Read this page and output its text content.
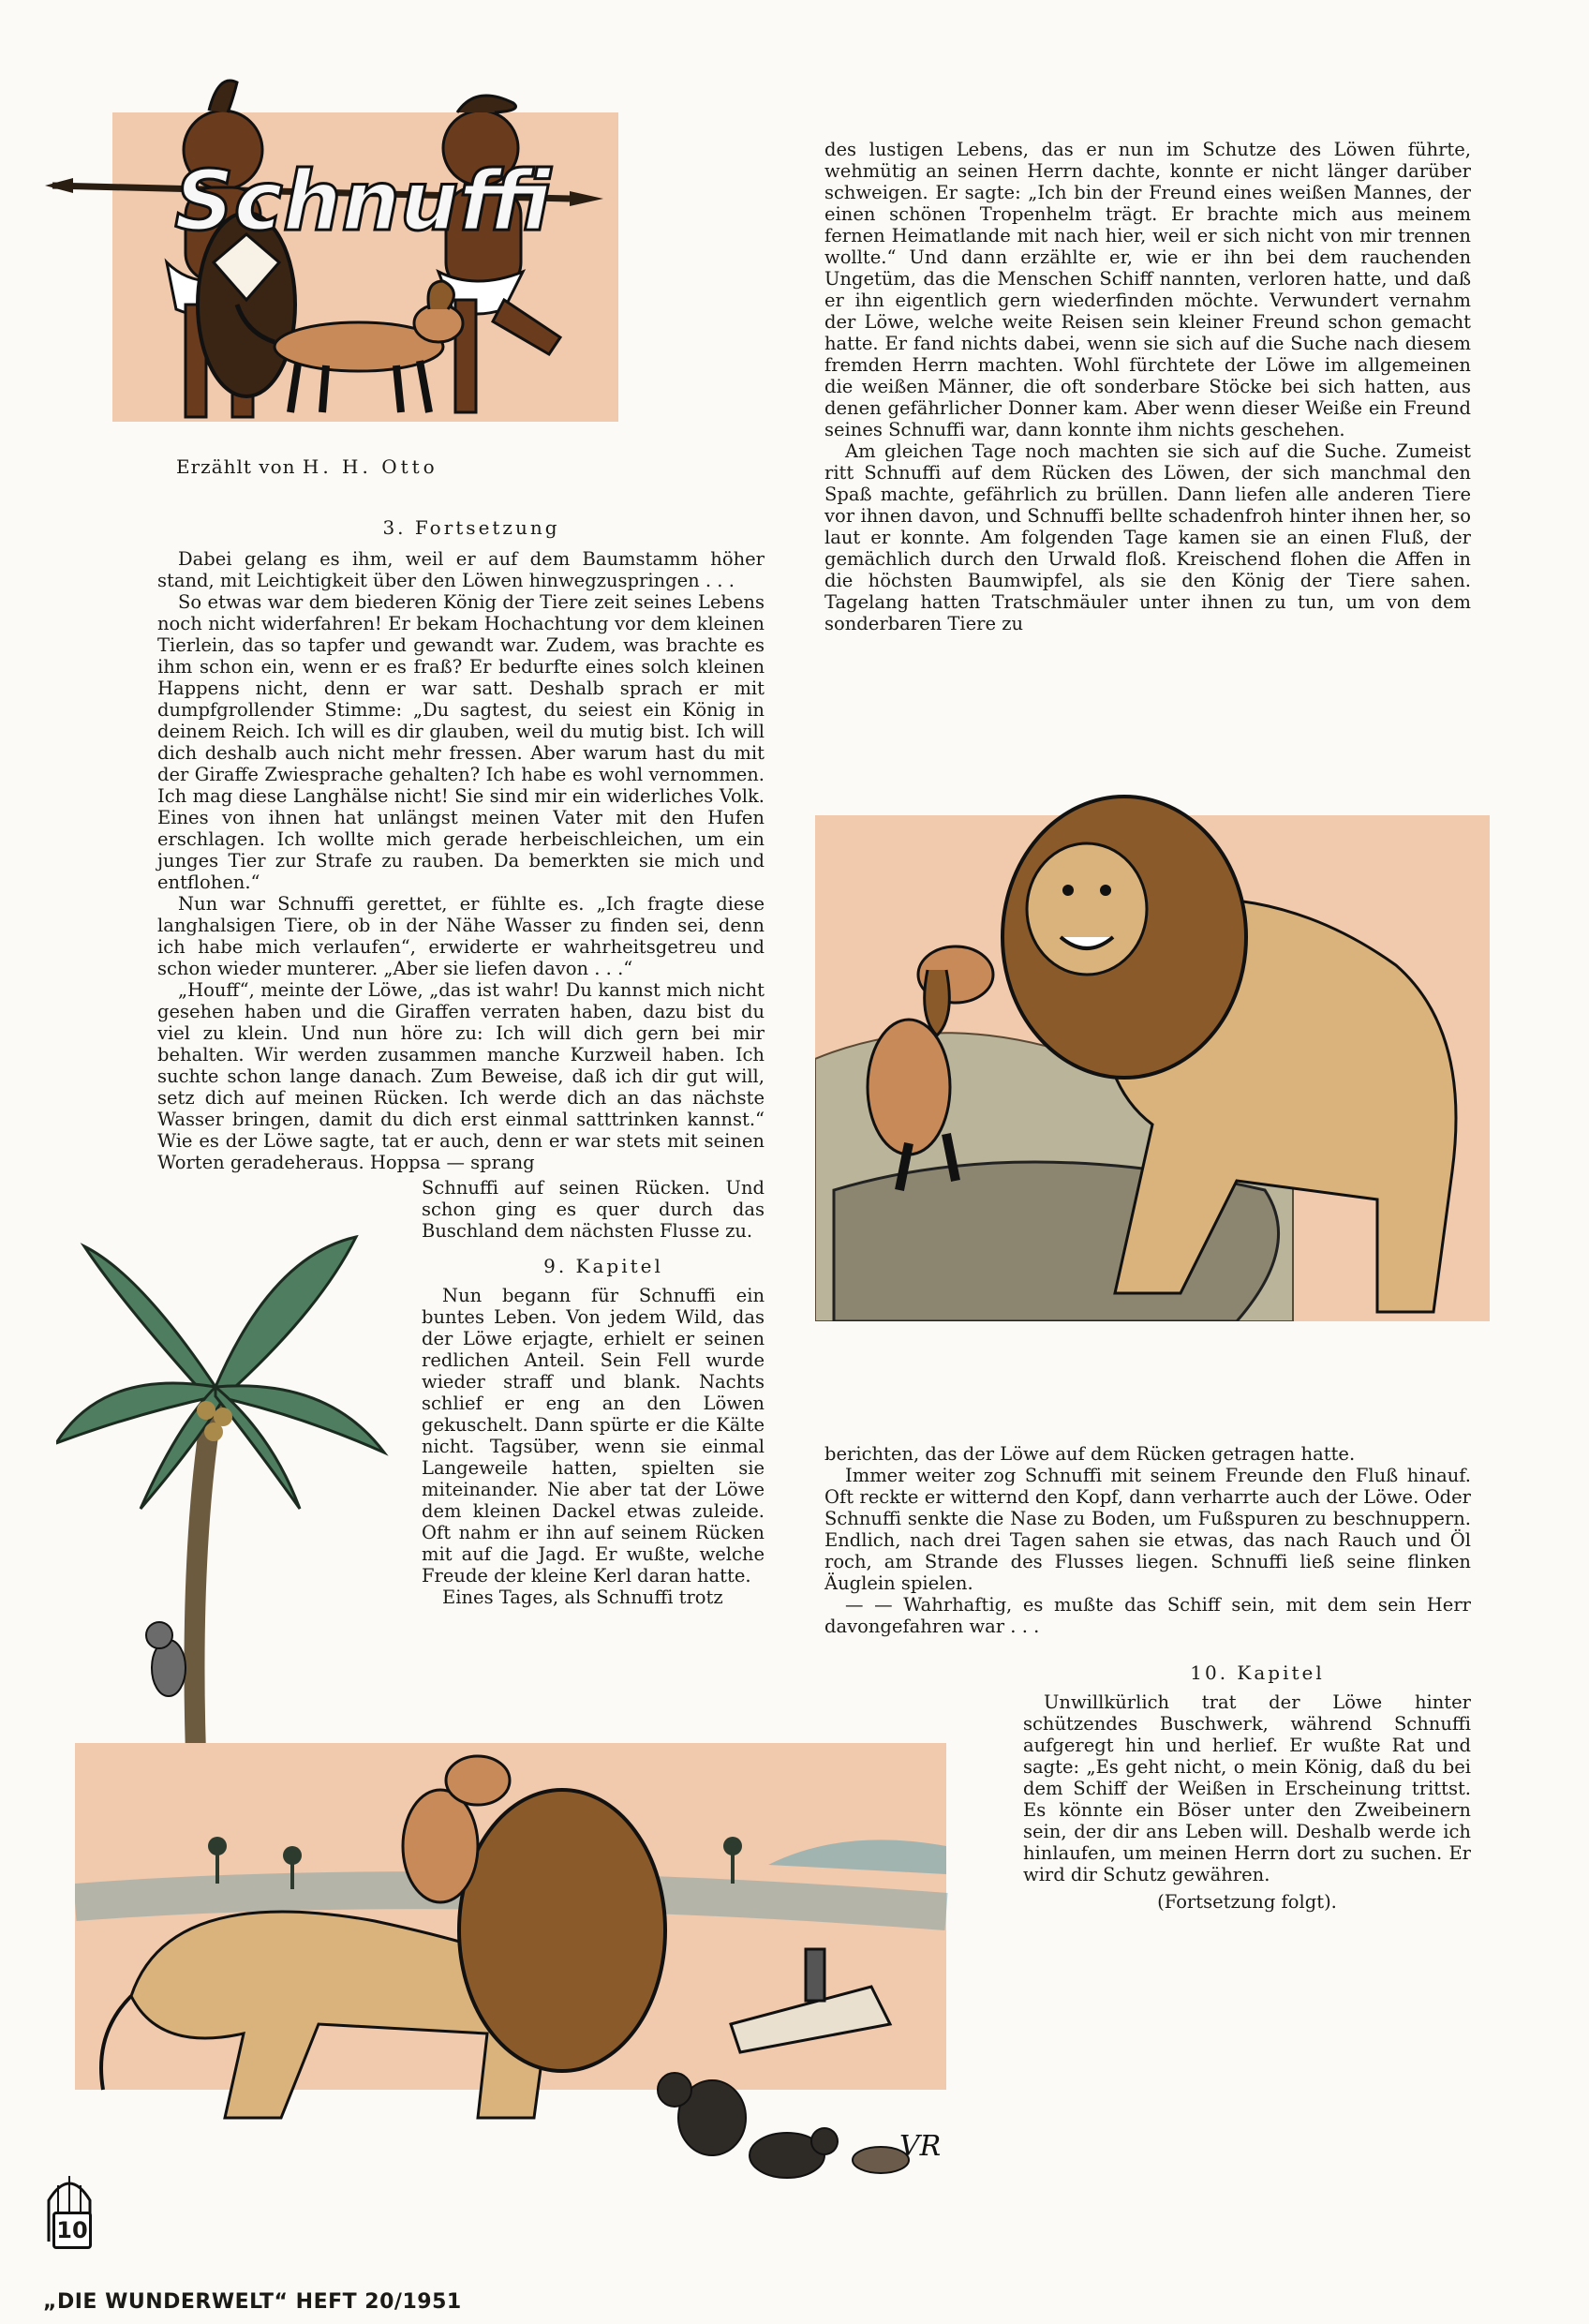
Schnuffi
Erzählt von H. H. Otto

3. Fortsetzung

Dabei gelang es ihm, weil er auf dem Baumstamm höher stand, mit Leichtigkeit über den Löwen hinwegzuspringen . . .

So etwas war dem biederen König der Tiere zeit seines Lebens noch nicht widerfahren! Er bekam Hochachtung vor dem kleinen Tierlein, das so tapfer und gewandt war. Zudem, was brachte es ihm schon ein, wenn er es fraß? Er bedurfte eines solch kleinen Happens nicht, denn er war satt. Deshalb sprach er mit dumpfgrollender Stimme: „Du sagtest, du seiest ein König in deinem Reich. Ich will es dir glauben, weil du mutig bist. Ich will dich deshalb auch nicht mehr fressen. Aber warum hast du mit der Giraffe Zwiesprache gehalten? Ich habe es wohl vernommen. Ich mag diese Langhälse nicht! Sie sind mir ein widerliches Volk. Eines von ihnen hat unlängst meinen Vater mit den Hufen erschlagen. Ich wollte mich gerade herbeischleichen, um ein junges Tier zur Strafe zu rauben. Da bemerkten sie mich und entflohen.“

Nun war Schnuffi gerettet, er fühlte es. „Ich fragte diese langhalsigen Tiere, ob in der Nähe Wasser zu finden sei, denn ich habe mich verlaufen“, erwiderte er wahrheitsgetreu und schon wieder munterer. „Aber sie liefen davon . . .“

„Houff“, meinte der Löwe, „das ist wahr! Du kannst mich nicht gesehen haben und die Giraffen verraten haben, dazu bist du viel zu klein. Und nun höre zu: Ich will dich gern bei mir behalten. Wir werden zusammen manche Kurzweil haben. Ich suchte schon lange danach. Zum Beweise, daß ich dir gut will, setz dich auf meinen Rücken. Ich werde dich an das nächste Wasser bringen, damit du dich erst einmal satttrinken kannst.“ Wie es der Löwe sagte, tat er auch, denn er war stets mit seinen Worten geradeheraus. Hoppsa — sprang

Schnuffi auf seinen Rücken. Und schon ging es quer durch das Buschland dem nächsten Flusse zu.

9. Kapitel

Nun begann für Schnuffi ein buntes Leben. Von jedem Wild, das der Löwe erjagte, erhielt er seinen redlichen Anteil. Sein Fell wurde wieder straff und blank. Nachts schlief er eng an den Löwen gekuschelt. Dann spürte er die Kälte nicht. Tagsüber, wenn sie einmal Langeweile hatten, spielten sie miteinander. Nie aber tat der Löwe dem kleinen Dackel etwas zuleide. Oft nahm er ihn auf seinem Rücken mit auf die Jagd. Er wußte, welche Freude der kleine Kerl daran hatte.

Eines Tages, als Schnuffi trotz

des lustigen Lebens, das er nun im Schutze des Löwen führte, wehmütig an seinen Herrn dachte, konnte er nicht länger darüber schweigen. Er sagte: „Ich bin der Freund eines weißen Mannes, der einen schönen Tropenhelm trägt. Er brachte mich aus meinem fernen Heimatlande mit nach hier, weil er sich nicht von mir trennen wollte.“ Und dann erzählte er, wie er ihn bei dem rauchenden Ungetüm, das die Menschen Schiff nannten, verloren hatte, und daß er ihn eigentlich gern wiederfinden möchte. Verwundert vernahm der Löwe, welche weite Reisen sein kleiner Freund schon gemacht hatte. Er fand nichts dabei, wenn sie sich auf die Suche nach diesem fremden Herrn machten. Wohl fürchtete der Löwe im allgemeinen die weißen Männer, die oft sonderbare Stöcke bei sich hatten, aus denen gefährlicher Donner kam. Aber wenn dieser Weiße ein Freund seines Schnuffi war, dann konnte ihm nichts geschehen.

Am gleichen Tage noch machten sie sich auf die Suche. Zumeist ritt Schnuffi auf dem Rücken des Löwen, der sich manchmal den Spaß machte, gefährlich zu brüllen. Dann liefen alle anderen Tiere vor ihnen davon, und Schnuffi bellte schadenfroh hinter ihnen her, so laut er konnte. Am folgenden Tage kamen sie an einen Fluß, der gemächlich durch den Urwald floß. Kreischend flohen die Affen in die höchsten Baumwipfel, als sie den König der Tiere sahen. Tagelang hatten Tratschmäuler unter ihnen zu tun, um von dem sonderbaren Tiere zu

berichten, das der Löwe auf dem Rücken getragen hatte.

Immer weiter zog Schnuffi mit seinem Freunde den Fluß hinauf. Oft reckte er witternd den Kopf, dann verharrte auch der Löwe. Oder Schnuffi senkte die Nase zu Boden, um Fußspuren zu beschnuppern. Endlich, nach drei Tagen sahen sie etwas, das nach Rauch und Öl roch, am Strande des Flusses liegen. Schnuffi ließ seine flinken Äuglein spielen.

— — Wahrhaftig, es mußte das Schiff sein, mit dem sein Herr davongefahren war . . .

10. Kapitel

Unwillkürlich trat der Löwe hinter schützendes Buschwerk, während Schnuffi aufgeregt hin und herlief. Er wußte Rat und sagte: „Es geht nicht, o mein König, daß du bei dem Schiff der Weißen in Erscheinung trittst. Es könnte ein Böser unter den Zweibeinern sein, der dir ans Leben will. Deshalb werde ich hinlaufen, um meinen Herrn dort zu suchen. Er wird dir Schutz gewähren.

(Fortsetzung folgt).

VR
10
„DIE WUNDERWELT“ HEFT 20/1951
